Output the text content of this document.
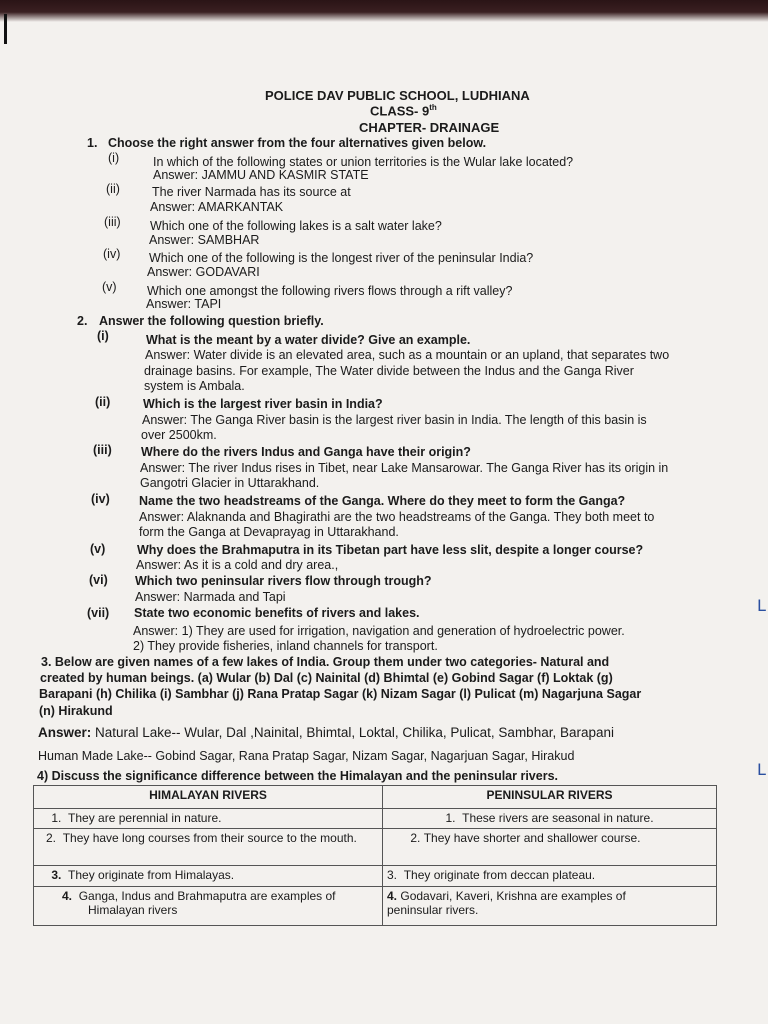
L
L
POLICE DAV PUBLIC SCHOOL, LUDHIANA
CLASS- 9th
CHAPTER- DRAINAGE
1. Choose the right answer from the four alternatives given below.
(i)	In which of the following states or union territories is the Wular lake located?
Answer: JAMMU AND KASMIR STATE
(ii)	The river Narmada has its source at
Answer: AMARKANTAK
(iii) Which one of the following lakes is a salt water lake?
Answer: SAMBHAR
(iv) Which one of the following is the longest river of the peninsular India?
Answer: GODAVARI
(v) Which one amongst the following rivers flows through a rift valley?
Answer: TAPI
2. Answer the following question briefly.
(i)	What is the meant by a water divide? Give an example.
Answer: Water divide is an elevated area, such as a mountain or an upland, that separates two
drainage basins. For example, The Water divide between the Indus and the Ganga River
system is Ambala.
(ii)	Which is the largest river basin in India?
Answer: The Ganga River basin is the largest river basin in India. The length of this basin is
over 2500km.
(iii) Where do the rivers Indus and Ganga have their origin?
Answer: The river Indus rises in Tibet, near Lake Mansarowar. The Ganga River has its origin in
Gangotri Glacier in Uttarakhand.
(iv) Name the two headstreams of the Ganga. Where do they meet to form the Ganga?
Answer: Alaknanda and Bhagirathi are the two headstreams of the Ganga. They both meet to
form the Ganga at Devaprayag in Uttarakhand.
(v)	Why does the Brahmaputra in its Tibetan part have less slit, despite a longer course?
Answer: As it is a cold and dry area.,
(vi) Which two peninsular rivers flow through trough?
Answer: Narmada and Tapi
(vii) State two economic benefits of rivers and lakes.
Answer: 1) They are used for irrigation, navigation and generation of hydroelectric power.
2) They provide fisheries, inland channels for transport.
3. Below are given names of a few lakes of India. Group them under two categories- Natural and
created by human beings. (a) Wular (b) Dal (c) Nainital (d) Bhimtal (e) Gobind Sagar (f) Loktak (g)
Barapani (h) Chilika (i) Sambhar (j) Rana Pratap Sagar (k) Nizam Sagar (l) Pulicat (m) Nagarjuna Sagar
(n) Hirakund
Answer: Natural Lake-- Wular, Dal ,Nainital, Bhimtal, Loktal, Chilika, Pulicat, Sambhar, Barapani
Human Made Lake-- Gobind Sagar, Rana Pratap Sagar, Nizam Sagar, Nagarjuan Sagar, Hirakud
4) Discuss the significance difference between the Himalayan and the peninsular rivers.
HIMALAYAN RIVERS	PENINSULAR RIVERS
1. They are perennial in nature.	1. These rivers are seasonal in nature.

2. They have long courses from their source to the mouth.	2. They have shorter and shallower course.
3. They originate from Himalayas.	3. They originate from deccan plateau.

4. Ganga, Indus and Brahmaputra are examples of Himalayan rivers	4. Godavari, Kaveri, Krishna are examples of peninsular rivers.
